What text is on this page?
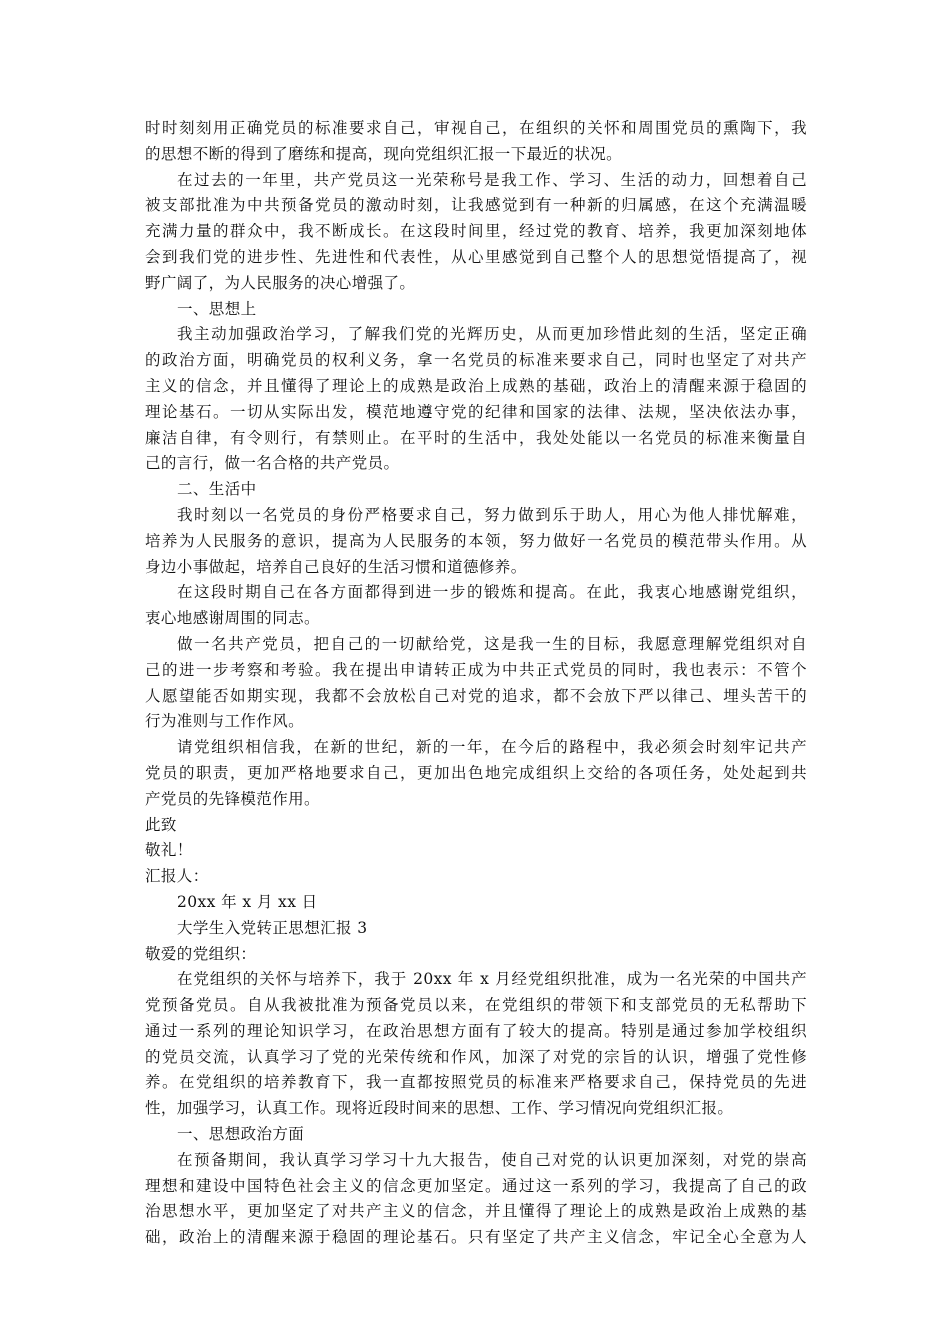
时时刻刻用正确党员的标准要求自己，审视自己，在组织的关怀和周围党员的熏陶下，我
的思想不断的得到了磨练和提高，现向党组织汇报一下最近的状况。
在过去的一年里，共产党员这一光荣称号是我工作、学习、生活的动力，回想着自己
被支部批准为中共预备党员的激动时刻，让我感觉到有一种新的归属感，在这个充满温暖
充满力量的群众中，我不断成长。在这段时间里，经过党的教育、培养，我更加深刻地体
会到我们党的进步性、先进性和代表性，从心里感觉到自己整个人的思想觉悟提高了，视
野广阔了，为人民服务的决心增强了。
一、思想上
我主动加强政治学习，了解我们党的光辉历史，从而更加珍惜此刻的生活，坚定正确
的政治方面，明确党员的权利义务，拿一名党员的标准来要求自己，同时也坚定了对共产
主义的信念，并且懂得了理论上的成熟是政治上成熟的基础，政治上的清醒来源于稳固的
理论基石。一切从实际出发，模范地遵守党的纪律和国家的法律、法规，坚决依法办事，
廉洁自律，有令则行，有禁则止。在平时的生活中，我处处能以一名党员的标准来衡量自
己的言行，做一名合格的共产党员。
二、生活中
我时刻以一名党员的身份严格要求自己，努力做到乐于助人，用心为他人排忧解难，
培养为人民服务的意识，提高为人民服务的本领，努力做好一名党员的模范带头作用。从
身边小事做起，培养自己良好的生活习惯和道德修养。
在这段时期自己在各方面都得到进一步的锻炼和提高。在此，我衷心地感谢党组织，
衷心地感谢周围的同志。
做一名共产党员，把自己的一切献给党，这是我一生的目标，我愿意理解党组织对自
己的进一步考察和考验。我在提出申请转正成为中共正式党员的同时，我也表示：不管个
人愿望能否如期实现，我都不会放松自己对党的追求，都不会放下严以律己、埋头苦干的
行为准则与工作作风。
请党组织相信我，在新的世纪，新的一年，在今后的路程中，我必须会时刻牢记共产
党员的职责，更加严格地要求自己，更加出色地完成组织上交给的各项任务，处处起到共
产党员的先锋模范作用。
此致
敬礼！
汇报人：
20xx 年 x 月 xx 日
大学生入党转正思想汇报 3
敬爱的党组织：
在党组织的关怀与培养下，我于 20xx 年 x 月经党组织批准，成为一名光荣的中国共产
党预备党员。自从我被批准为预备党员以来，在党组织的带领下和支部党员的无私帮助下
通过一系列的理论知识学习，在政治思想方面有了较大的提高。特别是通过参加学校组织
的党员交流，认真学习了党的光荣传统和作风，加深了对党的宗旨的认识，增强了党性修
养。在党组织的培养教育下，我一直都按照党员的标准来严格要求自己，保持党员的先进
性，加强学习，认真工作。现将近段时间来的思想、工作、学习情况向党组织汇报。
一、思想政治方面
在预备期间，我认真学习学习十九大报告，使自己对党的认识更加深刻，对党的崇高
理想和建设中国特色社会主义的信念更加坚定。通过这一系列的学习，我提高了自己的政
治思想水平，更加坚定了对共产主义的信念，并且懂得了理论上的成熟是政治上成熟的基
础，政治上的清醒来源于稳固的理论基石。只有坚定了共产主义信念，牢记全心全意为人
